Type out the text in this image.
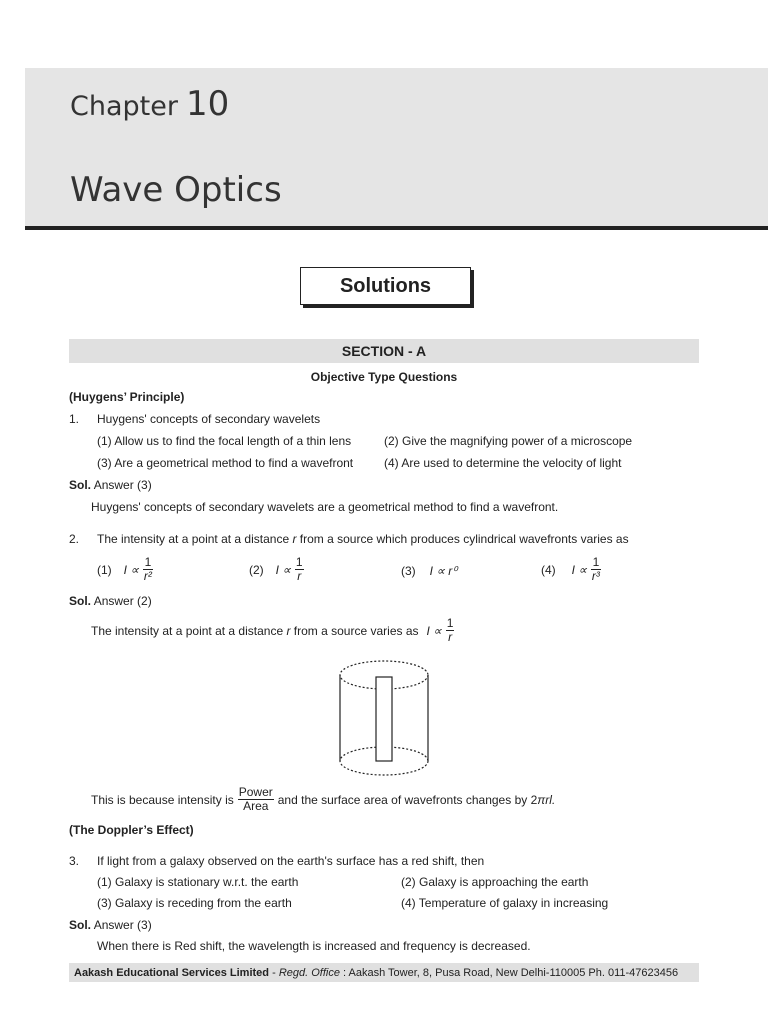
Chapter 10
Wave Optics
Solutions
SECTION - A
Objective Type Questions
(Huygens’ Principle)
1. Huygens' concepts of secondary wavelets
(1) Allow us to find the focal length of a thin lens	(2) Give the magnifying power of a microscope
(3) Are a geometrical method to find a wavefront	(4) Are used to determine the velocity of light
Sol. Answer (3)
Huygens' concepts of secondary wavelets are a geometrical method to find a wavefront.
2. The intensity at a point at a distance r from a source which produces cylindrical wavefronts varies as
(1) $I \propto \frac{1}{\text{r²}}$	(2) $I \propto \frac{1}{r}$	(3) I ∝ r⁰	(4) $I \propto \frac{1}{\text{r³}}$
Sol. Answer (2)
The intensity at a point at a distance r from a source varies as $I \propto \frac{1}{r}$
This is because intensity is $\frac{\text{Power}}{\text{Area}}$ and the surface area of wavefronts changes by 2 πrl.
(The Doppler’s Effect)
3. If light from a galaxy observed on the earth's surface has a red shift, then
(1) Galaxy is stationary w.r.t. the earth	(2) Galaxy is approaching the earth
(3) Galaxy is receding from the earth	(4) Temperature of galaxy in increasing
Sol. Answer (3)
When there is Red shift, the wavelength is increased and frequency is decreased.
Aakash Educational Services Limited - Regd. Office : Aakash Tower, 8, Pusa Road, New Delhi-110005 Ph. 011-47623456
